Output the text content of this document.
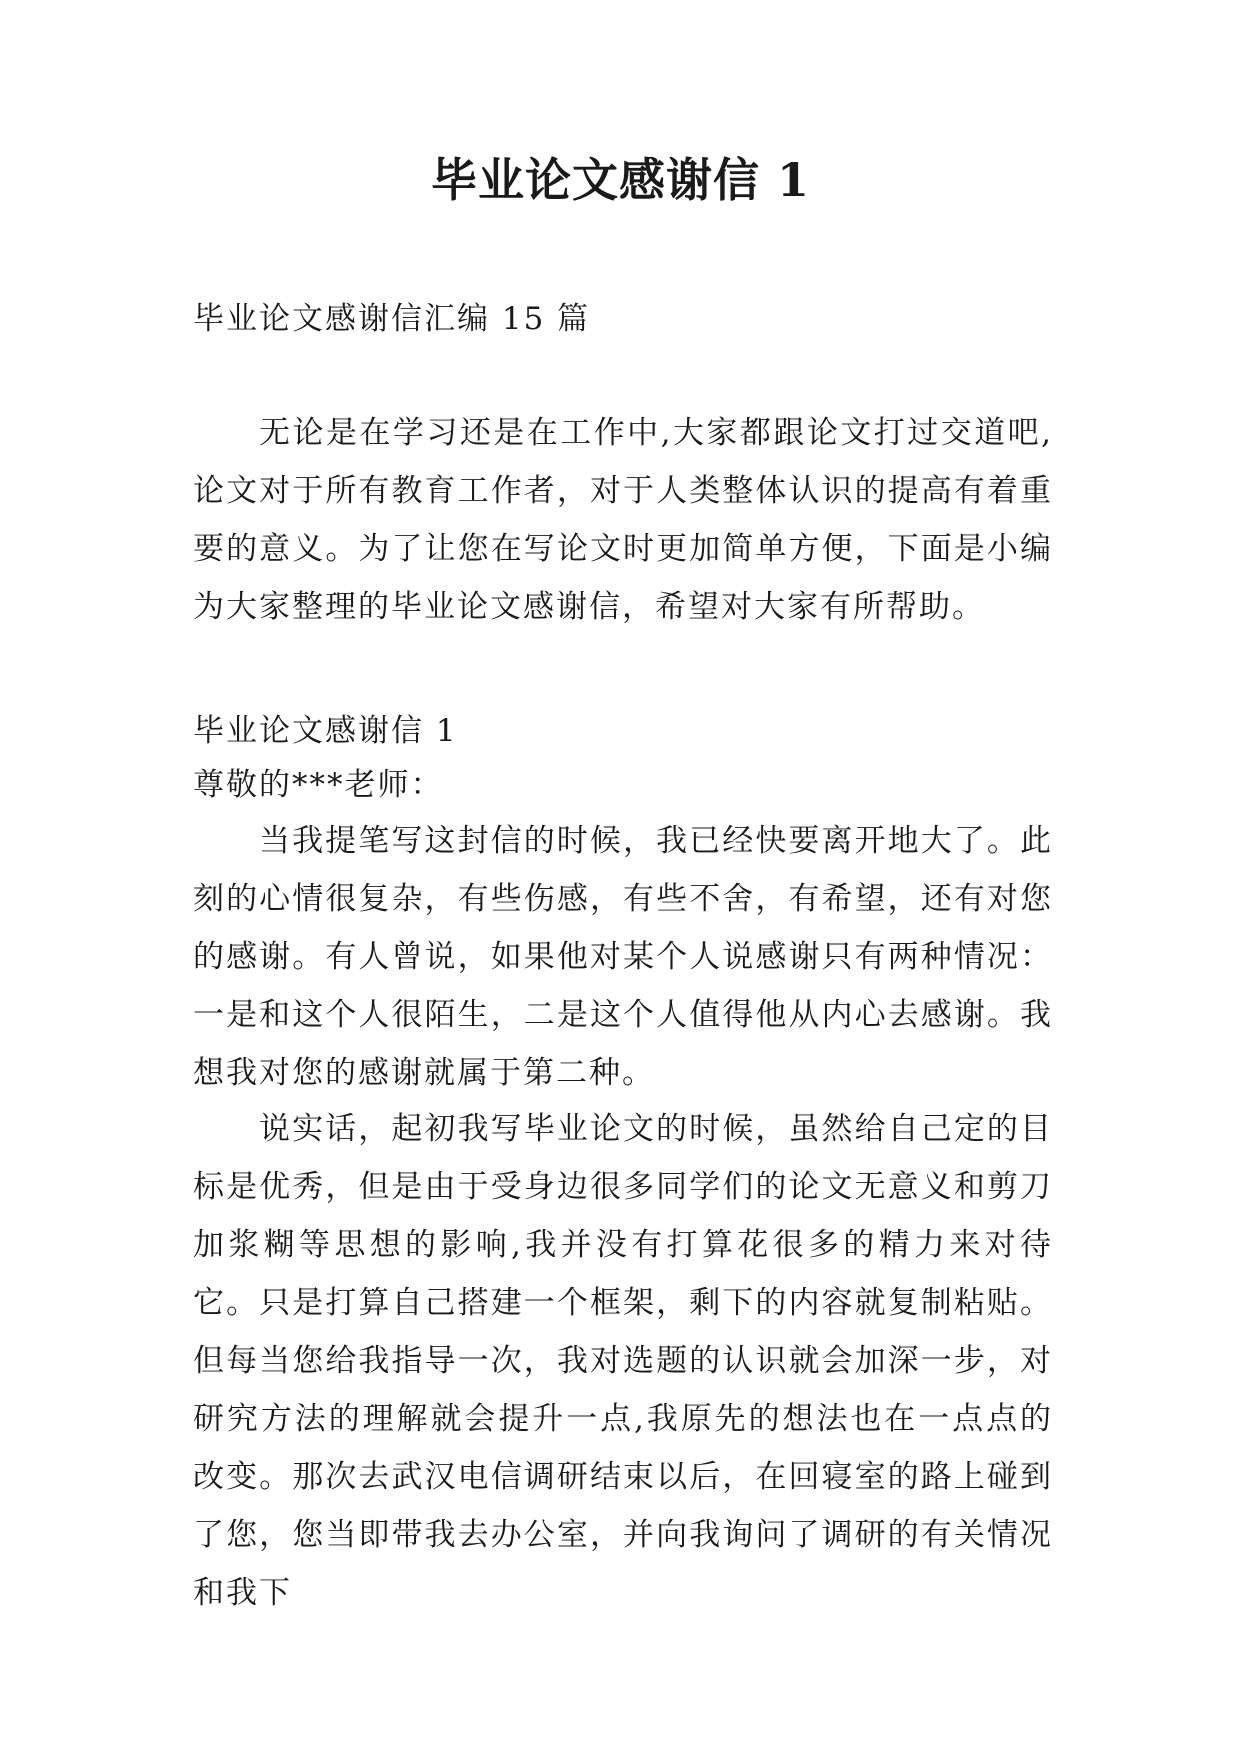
毕业论文感谢信 1

毕业论文感谢信汇编 15 篇

无论是在学习还是在工作中,大家都跟论文打过交道吧,论文对于所有教育工作者，对于人类整体认识的提高有着重要的意义。为了让您在写论文时更加简单方便，下面是小编为大家整理的毕业论文感谢信，希望对大家有所帮助。

毕业论文感谢信 1

尊敬的***老师：

当我提笔写这封信的时候，我已经快要离开地大了。此刻的心情很复杂，有些伤感，有些不舍，有希望，还有对您的感谢。有人曾说，如果他对某个人说感谢只有两种情况：一是和这个人很陌生，二是这个人值得他从内心去感谢。我想我对您的感谢就属于第二种。

说实话，起初我写毕业论文的时候，虽然给自己定的目标是优秀，但是由于受身边很多同学们的论文无意义和剪刀加浆糊等思想的影响,我并没有打算花很多的精力来对待它。只是打算自己搭建一个框架，剩下的内容就复制粘贴。但每当您给我指导一次，我对选题的认识就会加深一步，对研究方法的理解就会提升一点,我原先的想法也在一点点的改变。那次去武汉电信调研结束以后，在回寝室的路上碰到了您，您当即带我去办公室，并向我询问了调研的有关情况和我下
